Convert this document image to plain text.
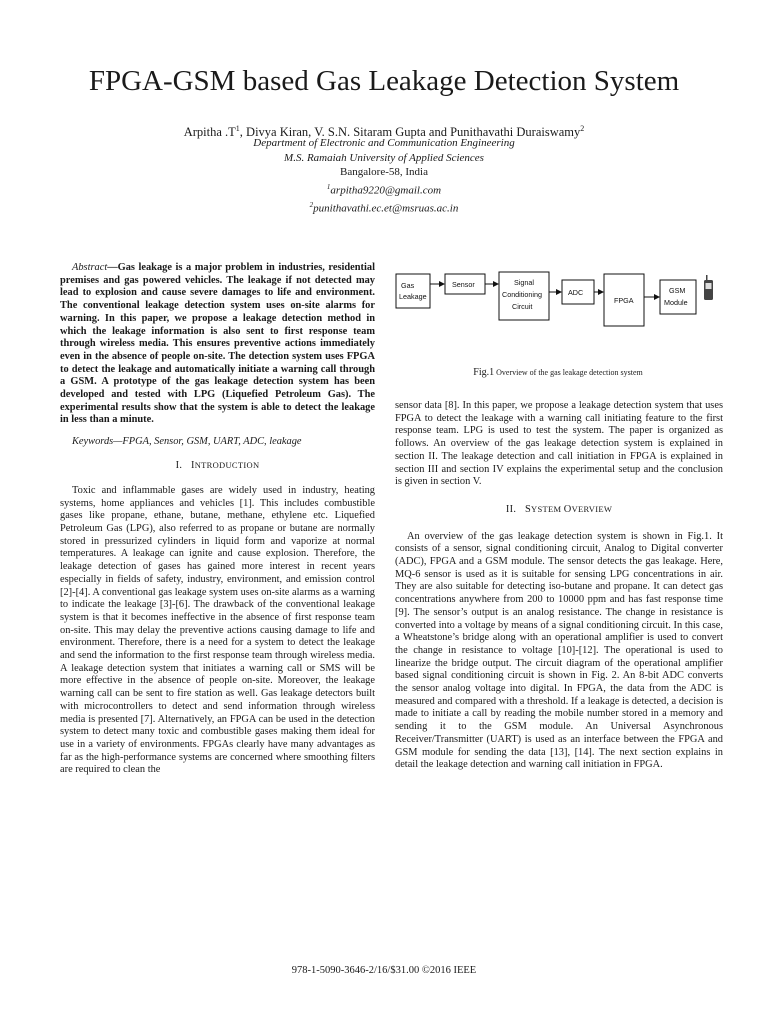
FPGA-GSM based Gas Leakage Detection System
Arpitha $.T^1$, Divya Kiran, V. S.N. Sitaram Gupta and Punithavathi Duraiswamy$^2$
Department of Electronic and Communication Engineering
M.S. Ramaiah University of Applied Sciences
Bangalore-58, India
$^1$arpitha9220@gmail.com
$^2$punithavathi.ec.et@msruas.ac.in

Abstract—Gas leakage is a major problem in industries, residential premises and gas powered vehicles. The leakage if not detected may lead to explosion and cause severe damages to life and environment. The conventional leakage detection system uses on-site alarms for warning. In this paper, we propose a leakage detection method in which the leakage information is also sent to first response team through wireless media. This ensures preventive actions immediately even in the absence of people on-site. The detection system uses FPGA to detect the leakage and automatically initiate a warning call through a GSM. A prototype of the gas leakage detection system has been developed and tested with LPG (Liquefied Petroleum Gas). The experimental results show that the system is able to detect the leakage in less than a minute.

Keywords—FPGA, Sensor, GSM, UART, ADC, leakage

I. INTRODUCTION

Toxic and inflammable gases are widely used in industry, heating systems, home appliances and vehicles [1]. This includes combustible gases like propane, ethane, butane, methane, ethylene etc. Liquefied Petroleum Gas (LPG), also referred to as propane or butane are normally stored in pressurized cylinders in liquid form and vaporize at normal temperatures. A leakage can ignite and cause explosion. Therefore, the leakage detection of gases has gained more interest in recent years especially in fields of safety, industry, environment, and emission control [2]-[4]. A conventional gas leakage system uses on-site alarms as a warning to indicate the leakage [3]-[6]. The drawback of the conventional leakage system is that it becomes ineffective in the absence of first response team on-site. This may delay the preventive actions causing damage to life and environment. Therefore, there is a need for a system to detect the leakage and send the information to the first response team through wireless media. A leakage detection system that initiates a warning call or SMS will be more effective in the absence of people on-site. Moreover, the leakage warning call can be sent to fire station as well. Gas leakage detectors built with microcontrollers to detect and send information through wireless media is presented [7]. Alternatively, an FPGA can be used in the detection system to detect many toxic and combustible gases making them ideal for use in a variety of environments. FPGAs clearly have many advantages as far as the high-performance systems are concerned where smoothing filters are required to clean the

Gas
Leakage
Sensor	Signal
Conditioning
Circuit
ADC
FPGA
GSM
Module
Fig.1 Overview of the gas leakage detection system

sensor data [8]. In this paper, we propose a leakage detection system that uses FPGA to detect the leakage with a warning call initiating feature to the first response team. LPG is used to test the system. The paper is organized as follows. An overview of the gas leakage detection system is explained in section II. The leakage detection and call initiation in FPGA is explained in section III and section IV explains the experimental setup and the conclusion is given in section V.

II. SYSTEM OVERVIEW

An overview of the gas leakage detection system is shown in Fig.1. It consists of a sensor, signal conditioning circuit, Analog to Digital converter (ADC), FPGA and a GSM module. The sensor detects the gas leakage. Here, MQ-6 sensor is used as it is suitable for sensing LPG concentrations in air. They are also suitable for detecting iso-butane and propane. It can detect gas concentrations anywhere from 200 to 10000 ppm and has fast response time [9]. The sensor’s output is an analog resistance. The change in resistance is converted into a voltage by means of a signal conditioning circuit. In this case, a Wheatstone’s bridge along with an operational amplifier is used to convert the change in resistance to voltage [10]-[12]. The operational is used to linearize the bridge output. The circuit diagram of the operational amplifier based signal conditioning circuit is shown in Fig. 2. An 8-bit ADC converts the sensor analog voltage into digital. In FPGA, the data from the ADC is measured and compared with a threshold. If a leakage is detected, a decision is made to initiate a call by reading the mobile number stored in a memory and sending it to the GSM module. An Universal Asynchronous Receiver/Transmitter (UART) is used as an interface between the FPGA and GSM module for sending the data [13], [14]. The next section explains in detail the leakage detection and warning call initiation in FPGA.

978-1-5090-3646-2/16/$31.00 ©2016 IEEE
